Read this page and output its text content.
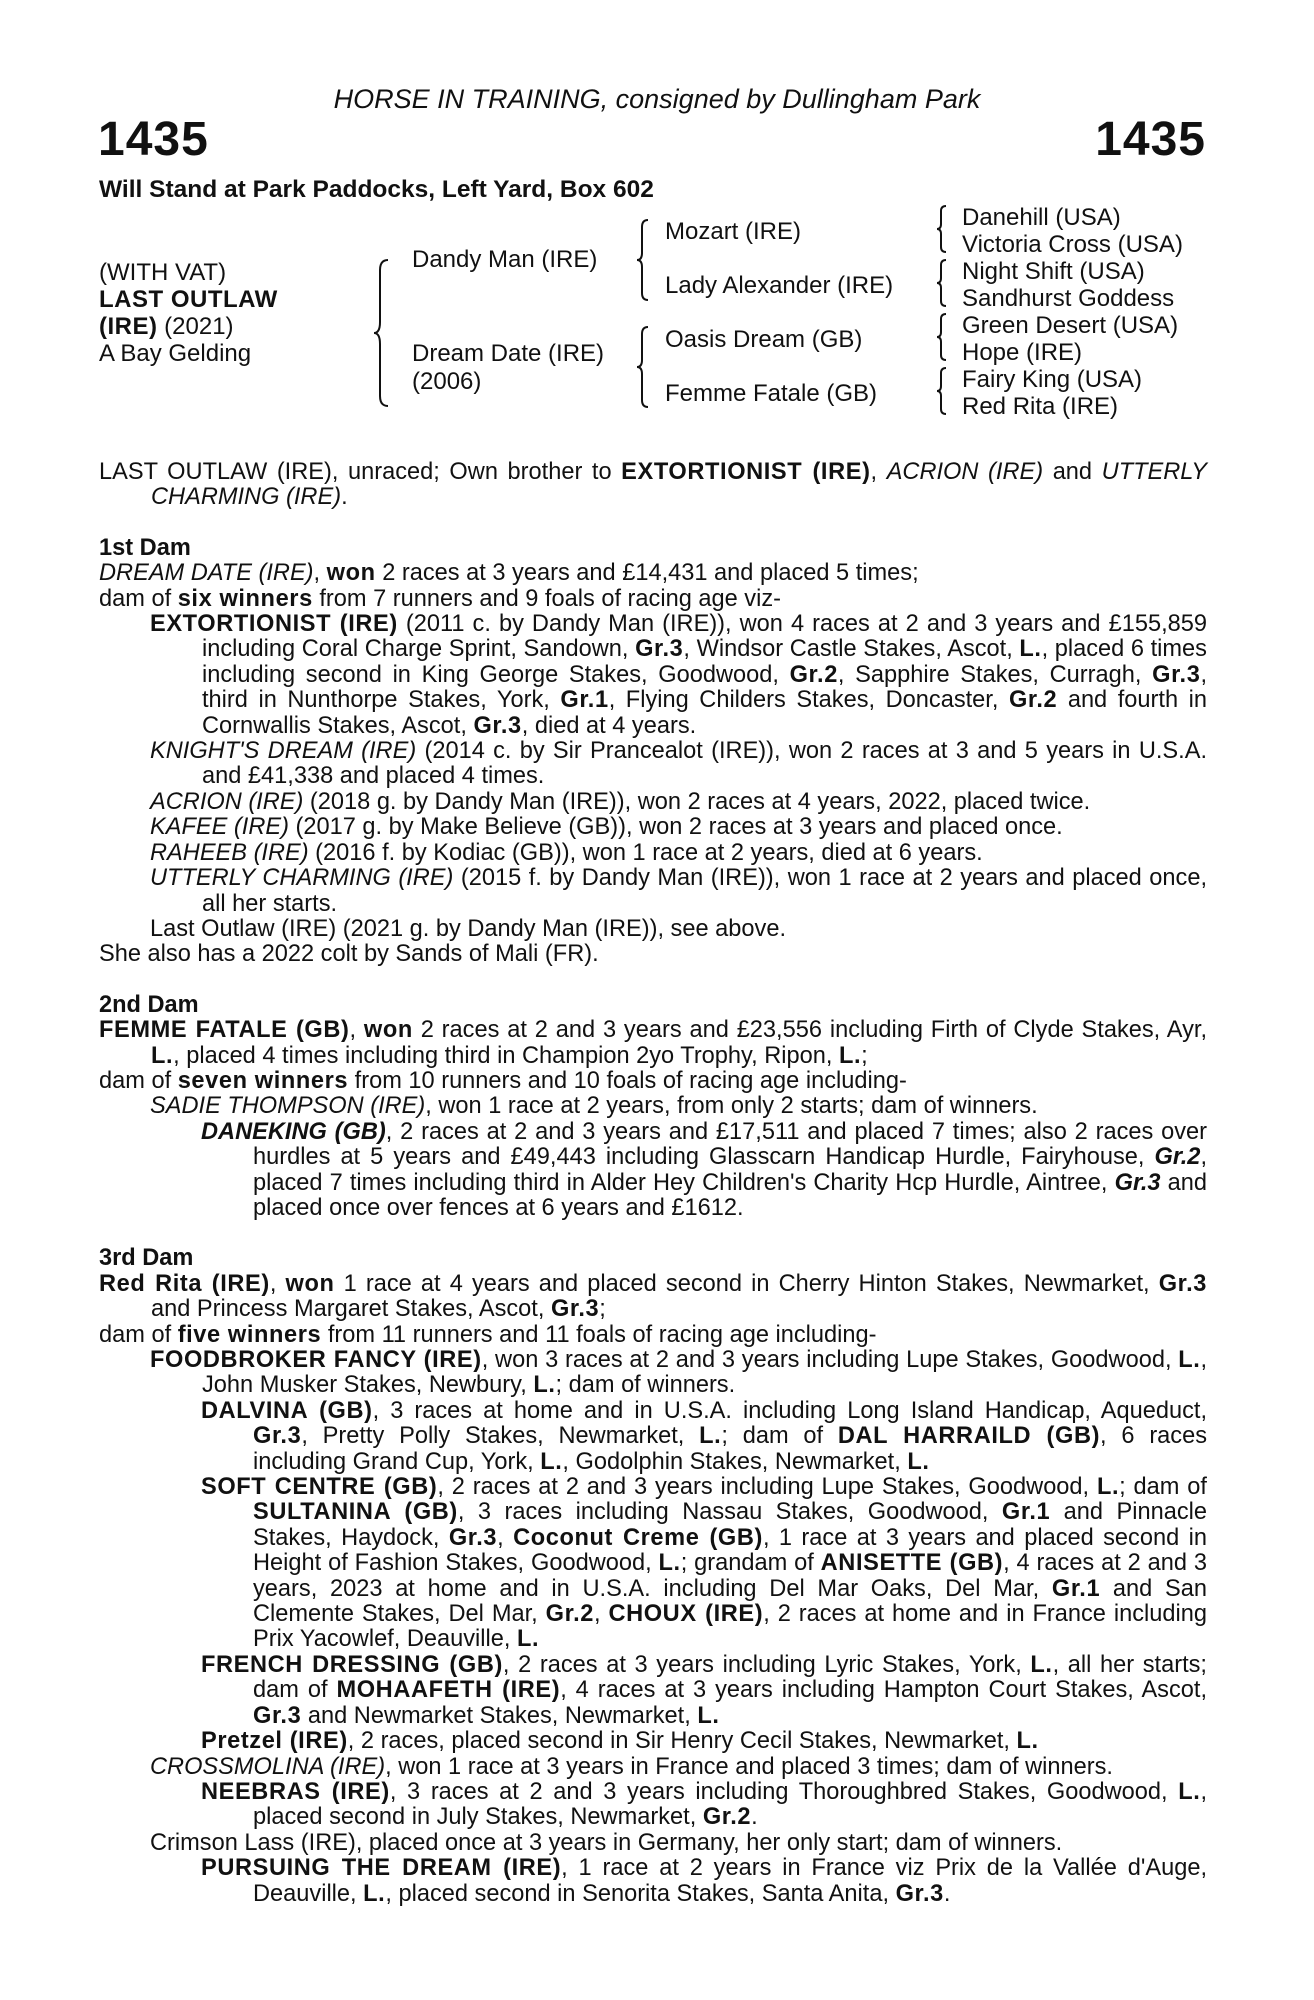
HORSE IN TRAINING, consigned by Dullingham Park
1435	1435
Will Stand at Park Paddocks, Left Yard, Box 602
(WITH VAT)
LAST OUTLAW
(IRE) (2021)
A Bay Gelding
Dandy Man (IRE)
Dream Date (IRE)
(2006)
Mozart (IRE)
Lady Alexander (IRE)
Oasis Dream (GB)
Femme Fatale (GB)
Danehill (USA)
Victoria Cross (USA)
Night Shift (USA)
Sandhurst Goddess
Green Desert (USA)
Hope (IRE)
Fairy King (USA)
Red Rita (IRE)
LAST OUTLAW (IRE), unraced; Own brother to EXTORTIONIST (IRE), ACRION (IRE) and UTTERLY CHARMING (IRE).
1st Dam
DREAM DATE (IRE), won 2 races at 3 years and £14,431 and placed 5 times;
dam of six winners from 7 runners and 9 foals of racing age viz-
EXTORTIONIST (IRE) (2011 c. by Dandy Man (IRE)), won 4 races at 2 and 3 years and £155,859 including Coral Charge Sprint, Sandown, Gr.3, Windsor Castle Stakes, Ascot, L., placed 6 times including second in King George Stakes, Goodwood, Gr.2, Sapphire Stakes, Curragh, Gr.3, third in Nunthorpe Stakes, York, Gr.1, Flying Childers Stakes, Doncaster, Gr.2 and fourth in Cornwallis Stakes, Ascot, Gr.3, died at 4 years.
KNIGHT'S DREAM (IRE) (2014 c. by Sir Prancealot (IRE)), won 2 races at 3 and 5 years in U.S.A. and £41,338 and placed 4 times.
ACRION (IRE) (2018 g. by Dandy Man (IRE)), won 2 races at 4 years, 2022, placed twice.
KAFEE (IRE) (2017 g. by Make Believe (GB)), won 2 races at 3 years and placed once.
RAHEEB (IRE) (2016 f. by Kodiac (GB)), won 1 race at 2 years, died at 6 years.
UTTERLY CHARMING (IRE) (2015 f. by Dandy Man (IRE)), won 1 race at 2 years and placed once, all her starts.
Last Outlaw (IRE) (2021 g. by Dandy Man (IRE)), see above.
She also has a 2022 colt by Sands of Mali (FR).
2nd Dam
FEMME FATALE (GB), won 2 races at 2 and 3 years and £23,556 including Firth of Clyde Stakes, Ayr, L., placed 4 times including third in Champion 2yo Trophy, Ripon, L.;
dam of seven winners from 10 runners and 10 foals of racing age including-
SADIE THOMPSON (IRE), won 1 race at 2 years, from only 2 starts; dam of winners.
DANEKING (GB), 2 races at 2 and 3 years and £17,511 and placed 7 times; also 2 races over hurdles at 5 years and £49,443 including Glasscarn Handicap Hurdle, Fairyhouse, Gr.2, placed 7 times including third in Alder Hey Children's Charity Hcp Hurdle, Aintree, Gr.3 and placed once over fences at 6 years and £1612.
3rd Dam
Red Rita (IRE), won 1 race at 4 years and placed second in Cherry Hinton Stakes, Newmarket, Gr.3 and Princess Margaret Stakes, Ascot, Gr.3;
dam of five winners from 11 runners and 11 foals of racing age including-
FOODBROKER FANCY (IRE), won 3 races at 2 and 3 years including Lupe Stakes, Goodwood, L., John Musker Stakes, Newbury, L.; dam of winners.
DALVINA (GB), 3 races at home and in U.S.A. including Long Island Handicap, Aqueduct, Gr.3, Pretty Polly Stakes, Newmarket, L.; dam of DAL HARRAILD (GB), 6 races including Grand Cup, York, L., Godolphin Stakes, Newmarket, L.
SOFT CENTRE (GB), 2 races at 2 and 3 years including Lupe Stakes, Goodwood, L.; dam of SULTANINA (GB), 3 races including Nassau Stakes, Goodwood, Gr.1 and Pinnacle Stakes, Haydock, Gr.3, Coconut Creme (GB), 1 race at 3 years and placed second in Height of Fashion Stakes, Goodwood, L.; grandam of ANISETTE (GB), 4 races at 2 and 3 years, 2023 at home and in U.S.A. including Del Mar Oaks, Del Mar, Gr.1 and San Clemente Stakes, Del Mar, Gr.2, CHOUX (IRE), 2 races at home and in France including Prix Yacowlef, Deauville, L.
FRENCH DRESSING (GB), 2 races at 3 years including Lyric Stakes, York, L., all her starts; dam of MOHAAFETH (IRE), 4 races at 3 years including Hampton Court Stakes, Ascot, Gr.3 and Newmarket Stakes, Newmarket, L.
Pretzel (IRE), 2 races, placed second in Sir Henry Cecil Stakes, Newmarket, L.
CROSSMOLINA (IRE), won 1 race at 3 years in France and placed 3 times; dam of winners.
NEEBRAS (IRE), 3 races at 2 and 3 years including Thoroughbred Stakes, Goodwood, L., placed second in July Stakes, Newmarket, Gr.2.
Crimson Lass (IRE), placed once at 3 years in Germany, her only start; dam of winners.
PURSUING THE DREAM (IRE), 1 race at 2 years in France viz Prix de la Vallée d'Auge, Deauville, L., placed second in Senorita Stakes, Santa Anita, Gr.3.
